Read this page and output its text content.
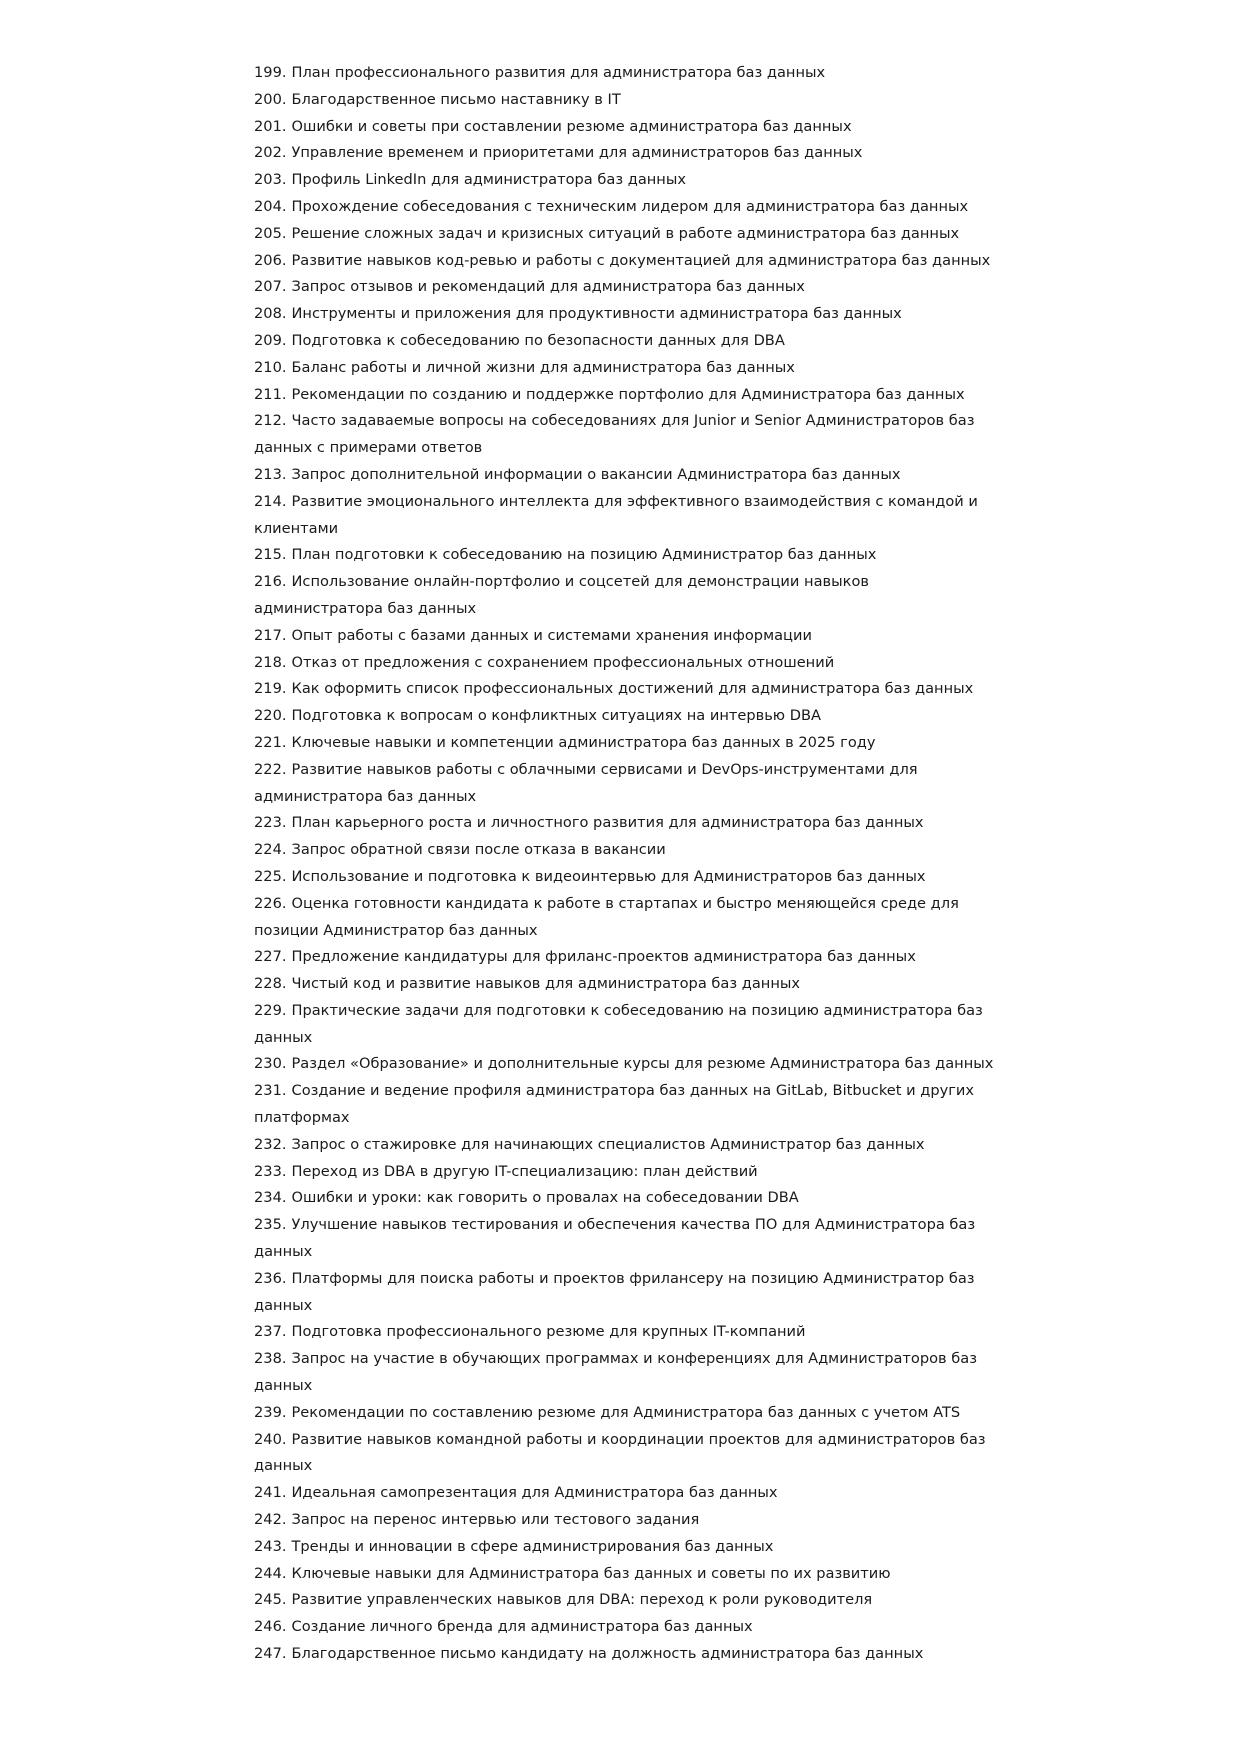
199. План профессионального развития для администратора баз данных
200. Благодарственное письмо наставнику в IT
201. Ошибки и советы при составлении резюме администратора баз данных
202. Управление временем и приоритетами для администраторов баз данных
203. Профиль LinkedIn для администратора баз данных
204. Прохождение собеседования с техническим лидером для администратора баз данных
205. Решение сложных задач и кризисных ситуаций в работе администратора баз данных
206. Развитие навыков код-ревью и работы с документацией для администратора баз данных
207. Запрос отзывов и рекомендаций для администратора баз данных
208. Инструменты и приложения для продуктивности администратора баз данных
209. Подготовка к собеседованию по безопасности данных для DBA
210. Баланс работы и личной жизни для администратора баз данных
211. Рекомендации по созданию и поддержке портфолио для Администратора баз данных
212. Часто задаваемые вопросы на собеседованиях для Junior и Senior Администраторов баз данных с примерами ответов
213. Запрос дополнительной информации о вакансии Администратора баз данных
214. Развитие эмоционального интеллекта для эффективного взаимодействия с командой и клиентами
215. План подготовки к собеседованию на позицию Администратор баз данных
216. Использование онлайн-портфолио и соцсетей для демонстрации навыков администратора баз данных
217. Опыт работы с базами данных и системами хранения информации
218. Отказ от предложения с сохранением профессиональных отношений
219. Как оформить список профессиональных достижений для администратора баз данных
220. Подготовка к вопросам о конфликтных ситуациях на интервью DBA
221. Ключевые навыки и компетенции администратора баз данных в 2025 году
222. Развитие навыков работы с облачными сервисами и DevOps-инструментами для администратора баз данных
223. План карьерного роста и личностного развития для администратора баз данных
224. Запрос обратной связи после отказа в вакансии
225. Использование и подготовка к видеоинтервью для Администраторов баз данных
226. Оценка готовности кандидата к работе в стартапах и быстро меняющейся среде для позиции Администратор баз данных
227. Предложение кандидатуры для фриланс-проектов администратора баз данных
228. Чистый код и развитие навыков для администратора баз данных
229. Практические задачи для подготовки к собеседованию на позицию администратора баз данных
230. Раздел «Образование» и дополнительные курсы для резюме Администратора баз данных
231. Создание и ведение профиля администратора баз данных на GitLab, Bitbucket и других платформах
232. Запрос о стажировке для начинающих специалистов Администратор баз данных
233. Переход из DBA в другую IT-специализацию: план действий
234. Ошибки и уроки: как говорить о провалах на собеседовании DBA
235. Улучшение навыков тестирования и обеспечения качества ПО для Администратора баз данных
236. Платформы для поиска работы и проектов фрилансеру на позицию Администратор баз данных
237. Подготовка профессионального резюме для крупных IT-компаний
238. Запрос на участие в обучающих программах и конференциях для Администраторов баз данных
239. Рекомендации по составлению резюме для Администратора баз данных с учетом ATS
240. Развитие навыков командной работы и координации проектов для администраторов баз данных
241. Идеальная самопрезентация для Администратора баз данных
242. Запрос на перенос интервью или тестового задания
243. Тренды и инновации в сфере администрирования баз данных
244. Ключевые навыки для Администратора баз данных и советы по их развитию
245. Развитие управленческих навыков для DBA: переход к роли руководителя
246. Создание личного бренда для администратора баз данных
247. Благодарственное письмо кандидату на должность администратора баз данных
